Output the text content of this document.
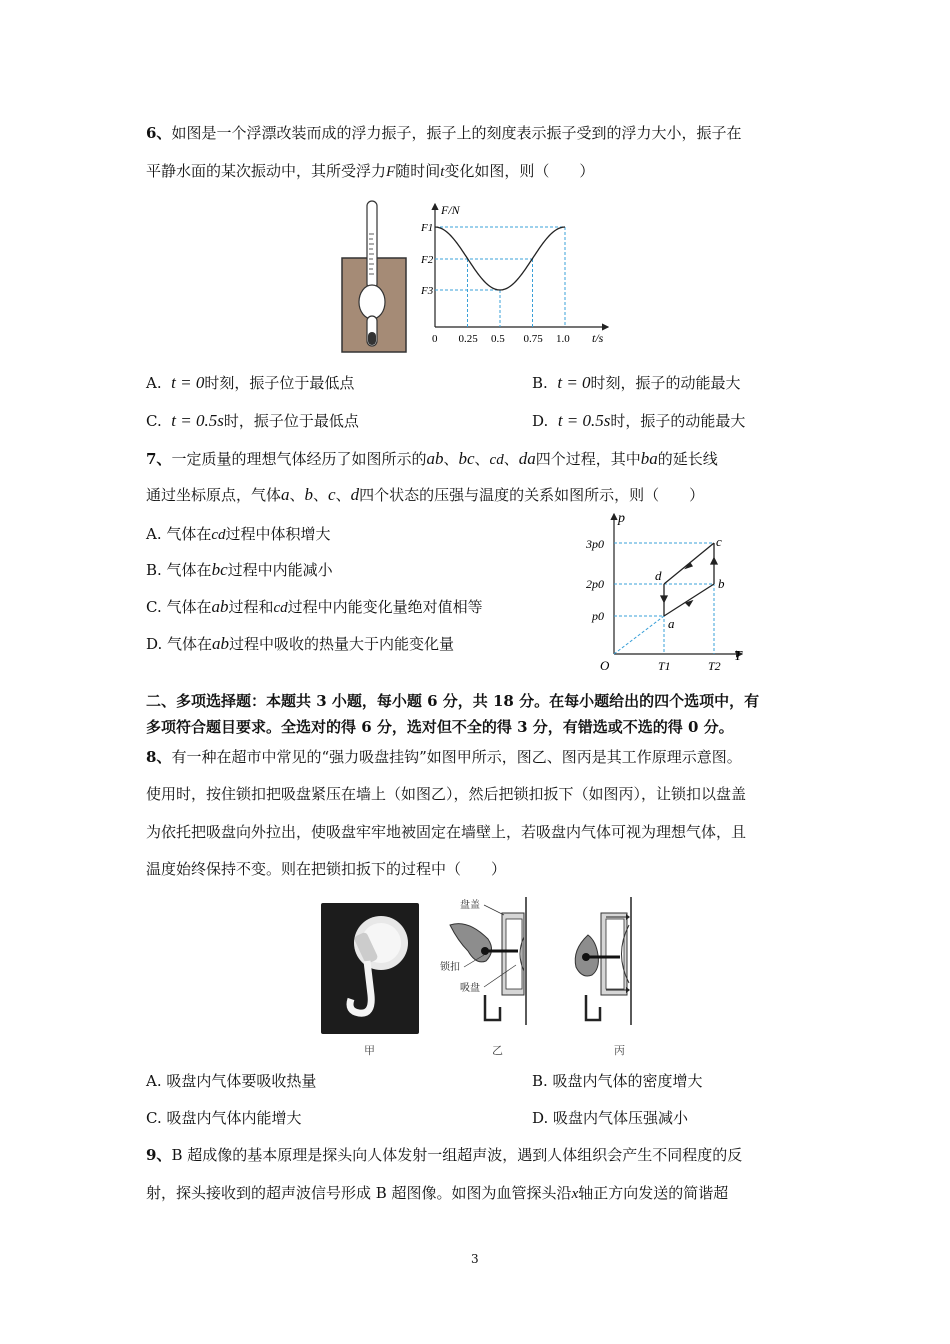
6、如图是一个浮漂改装而成的浮力振子，振子上的刻度表示振子受到的浮力大小，振子在
平静水面的某次振动中，其所受浮力F随时间t变化如图，则（　　）
F/N
t/s
0 0.25 0.5 0.75 1.0
F1
F2
F3
A. t = 0时刻，振子位于最低点	B. t = 0时刻，振子的动能最大
C. t = 0.5s时，振子位于最低点	D. t = 0.5s时，振子的动能最大
7、一定质量的理想气体经历了如图所示的ab、bc、cd、da四个过程，其中ba的延长线
通过坐标原点，气体a、b、c、d四个状态的压强与温度的关系如图所示，则（　　）
A. 气体在cd过程中体积增大
B. 气体在bc过程中内能减小
C. 气体在ab过程和cd过程中内能变化量绝对值相等
D. 气体在ab过程中吸收的热量大于内能变化量
p
T
O
a
b
c
d
3p0
2p0
p0
T1	T2
二、多项选择题：本题共 3 小题，每小题 6 分，共 18 分。在每小题给出的四个选项中，有
多项符合题目要求。全选对的得 6 分，选对但不全的得 3 分，有错选或不选的得 0 分。
8、有一种在超市中常见的“强力吸盘挂钩”如图甲所示，图乙、图丙是其工作原理示意图。
使用时，按住锁扣把吸盘紧压在墙上（如图乙），然后把锁扣扳下（如图丙），让锁扣以盘盖
为依托把吸盘向外拉出，使吸盘牢牢地被固定在墙壁上，若吸盘内气体可视为理想气体，且
温度始终保持不变。则在把锁扣扳下的过程中（　　）
盘盖
锁扣
吸盘
甲	乙	丙
A. 吸盘内气体要吸收热量	B. 吸盘内气体的密度增大
C. 吸盘内气体内能增大	D. 吸盘内气体压强减小
9、B 超成像的基本原理是探头向人体发射一组超声波，遇到人体组织会产生不同程度的反
射，探头接收到的超声波信号形成 B 超图像。如图为血管探头沿x轴正方向发送的简谐超
3
